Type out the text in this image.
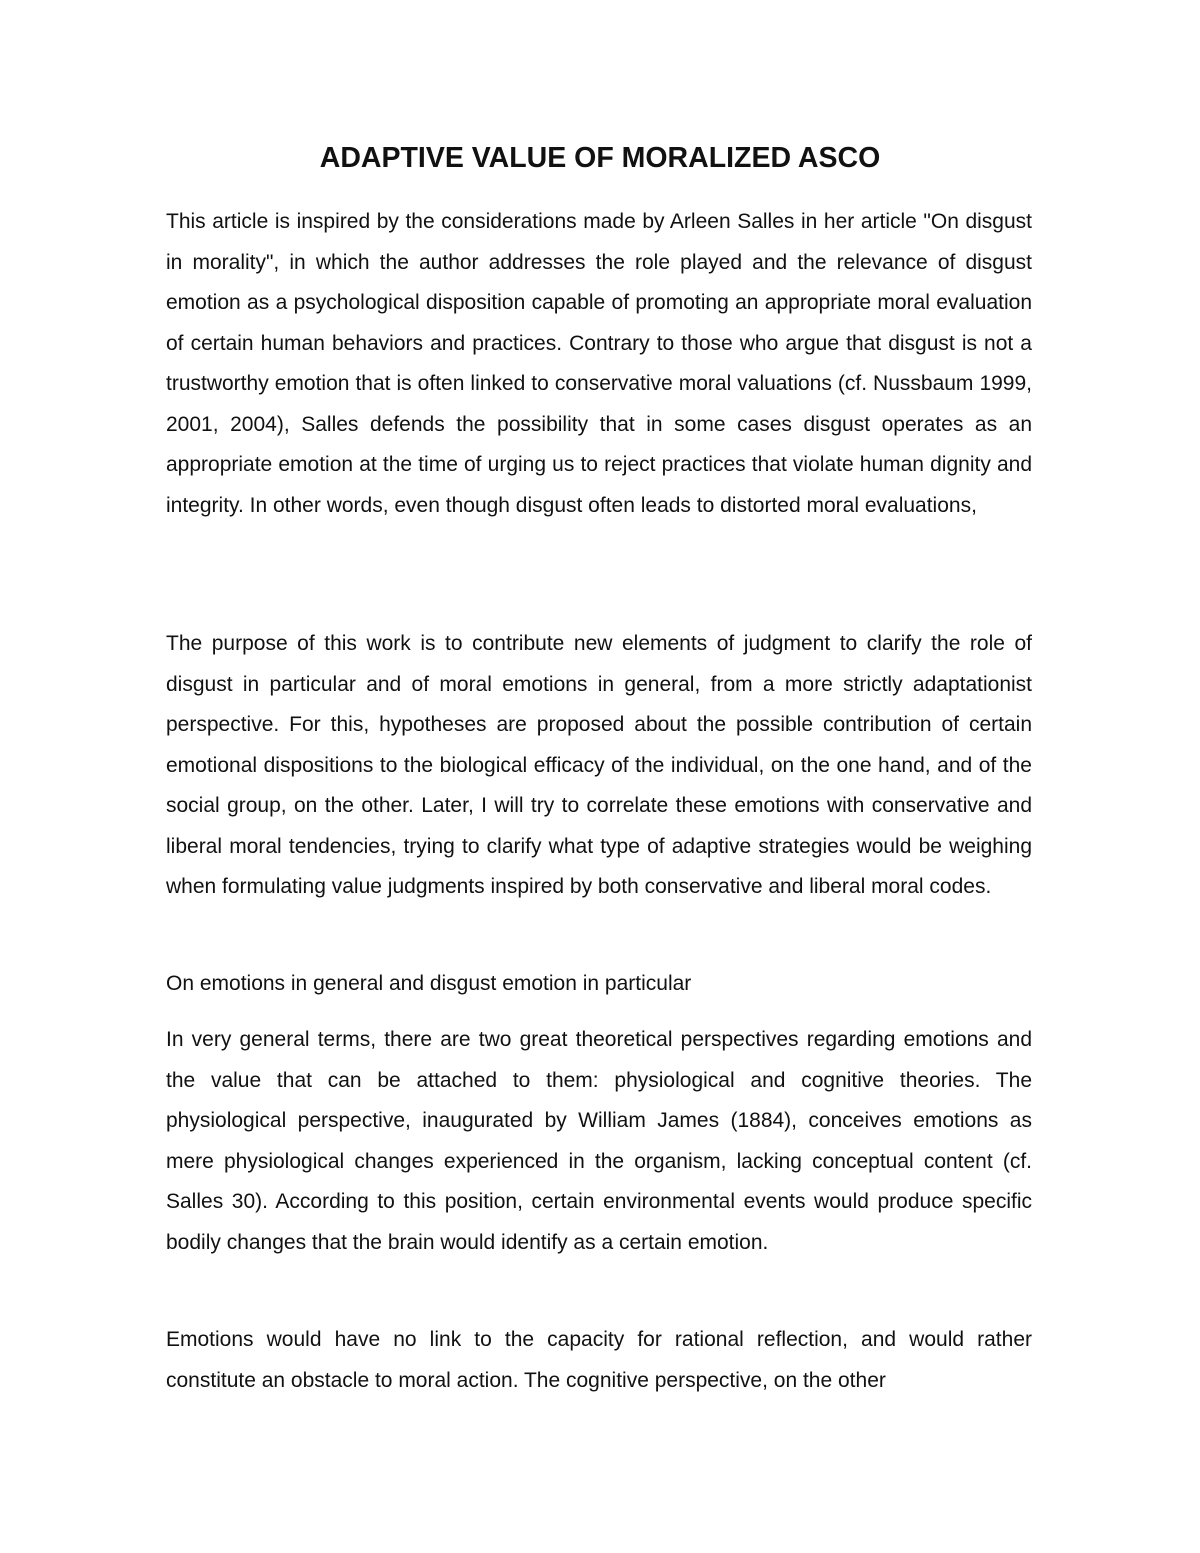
ADAPTIVE VALUE OF MORALIZED ASCO

This article is inspired by the considerations made by Arleen Salles in her article "On disgust in morality", in which the author addresses the role played and the relevance of disgust emotion as a psychological disposition capable of promoting an appropriate moral evaluation of certain human behaviors and practices. Contrary to those who argue that disgust is not a trustworthy emotion that is often linked to conservative moral valuations (cf. Nussbaum 1999, 2001, 2004), Salles defends the possibility that in some cases disgust operates as an appropriate emotion at the time of urging us to reject practices that violate human dignity and integrity. In other words, even though disgust often leads to distorted moral evaluations,

The purpose of this work is to contribute new elements of judgment to clarify the role of disgust in particular and of moral emotions in general, from a more strictly adaptationist perspective. For this, hypotheses are proposed about the possible contribution of certain emotional dispositions to the biological efficacy of the individual, on the one hand, and of the social group, on the other. Later, I will try to correlate these emotions with conservative and liberal moral tendencies, trying to clarify what type of adaptive strategies would be weighing when formulating value judgments inspired by both conservative and liberal moral codes.

On emotions in general and disgust emotion in particular

In very general terms, there are two great theoretical perspectives regarding emotions and the value that can be attached to them: physiological and cognitive theories. The physiological perspective, inaugurated by William James (1884), conceives emotions as mere physiological changes experienced in the organism, lacking conceptual content (cf. Salles 30). According to this position, certain environmental events would produce specific bodily changes that the brain would identify as a certain emotion.

Emotions would have no link to the capacity for rational reflection, and would rather constitute an obstacle to moral action. The cognitive perspective, on the other
